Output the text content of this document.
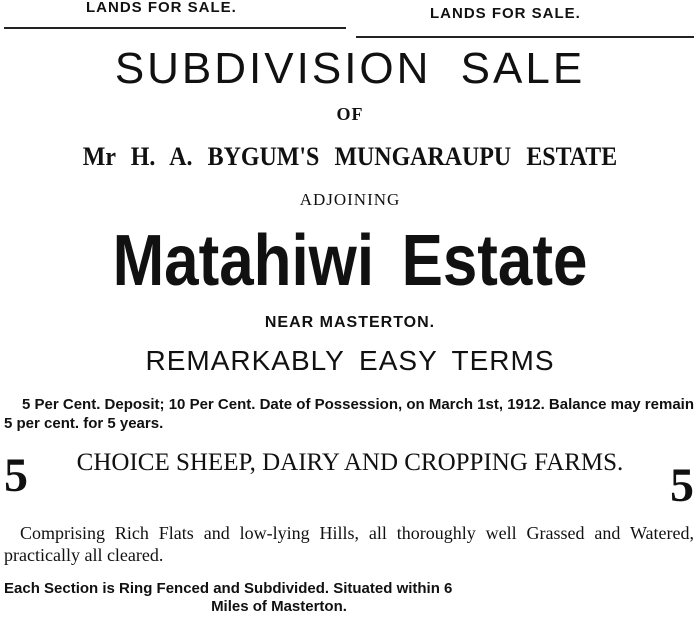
LANDS FOR SALE.	LANDS FOR SALE.
SUBDIVISION SALE
OF
Mr H. A. BYGUM'S MUNGARAUPU ESTATE
ADJOINING
Matahiwi Estate
NEAR MASTERTON.
REMARKABLY EASY TERMS
5 Per Cent. Deposit; 10 Per Cent. Date of Possession, on March 1st, 1912. Balance may remain 5 per cent. for 5 years.
5	CHOICE SHEEP, DAIRY AND CROPPING FARMS. 5
Comprising Rich Flats and low-lying Hills, all thoroughly well Grassed and Watered, practically all cleared.
Each Section is Ring Fenced and Subdivided. Situated within 6
Miles of Masterton.
